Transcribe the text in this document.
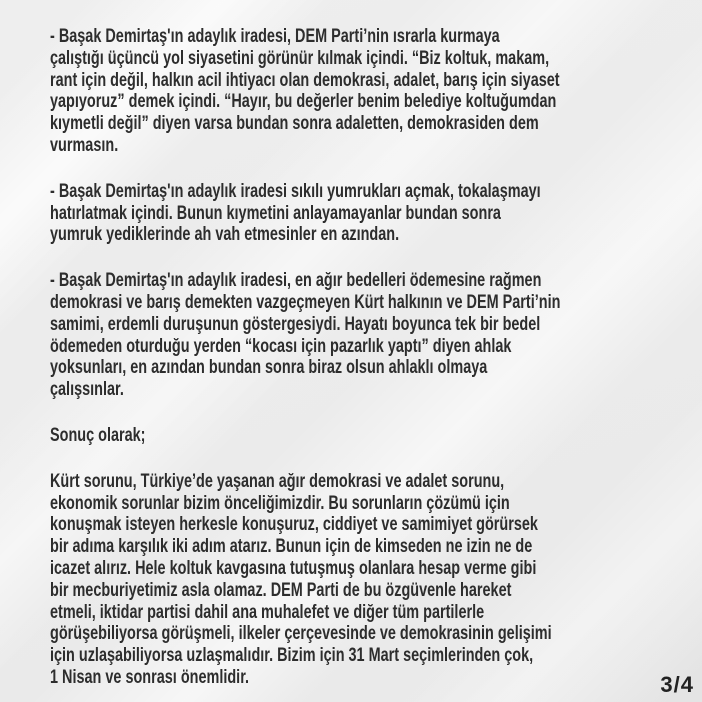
- Başak Demirtaş'ın adaylık iradesi, DEM Parti’nin ısrarla kurmaya
çalıştığı üçüncü yol siyasetini görünür kılmak içindi. “Biz koltuk, makam,
rant için değil, halkın acil ihtiyacı olan demokrasi, adalet, barış için siyaset
yapıyoruz” demek içindi. “Hayır, bu değerler benim belediye koltuğumdan
kıymetli değil” diyen varsa bundan sonra adaletten, demokrasiden dem
vurmasın.

- Başak Demirtaş'ın adaylık iradesi sıkılı yumrukları açmak, tokalaşmayı
hatırlatmak içindi. Bunun kıymetini anlayamayanlar bundan sonra
yumruk yediklerinde ah vah etmesinler en azından.

- Başak Demirtaş'ın adaylık iradesi, en ağır bedelleri ödemesine rağmen
demokrasi ve barış demekten vazgeçmeyen Kürt halkının ve DEM Parti’nin
samimi, erdemli duruşunun göstergesiydi. Hayatı boyunca tek bir bedel
ödemeden oturduğu yerden “kocası için pazarlık yaptı” diyen ahlak
yoksunları, en azından bundan sonra biraz olsun ahlaklı olmaya
çalışsınlar.

Sonuç olarak;

Kürt sorunu, Türkiye’de yaşanan ağır demokrasi ve adalet sorunu,
ekonomik sorunlar bizim önceliğimizdir. Bu sorunların çözümü için
konuşmak isteyen herkesle konuşuruz, ciddiyet ve samimiyet görürsek
bir adıma karşılık iki adım atarız. Bunun için de kimseden ne izin ne de
icazet alırız. Hele koltuk kavgasına tutuşmuş olanlara hesap verme gibi
bir mecburiyetimiz asla olamaz. DEM Parti de bu özgüvenle hareket
etmeli, iktidar partisi dahil ana muhalefet ve diğer tüm partilerle
görüşebiliyorsa görüşmeli, ilkeler çerçevesinde ve demokrasinin gelişimi
için uzlaşabiliyorsa uzlaşmalıdır. Bizim için 31 Mart seçimlerinden çok,
1 Nisan ve sonrası önemlidir.	3/4
